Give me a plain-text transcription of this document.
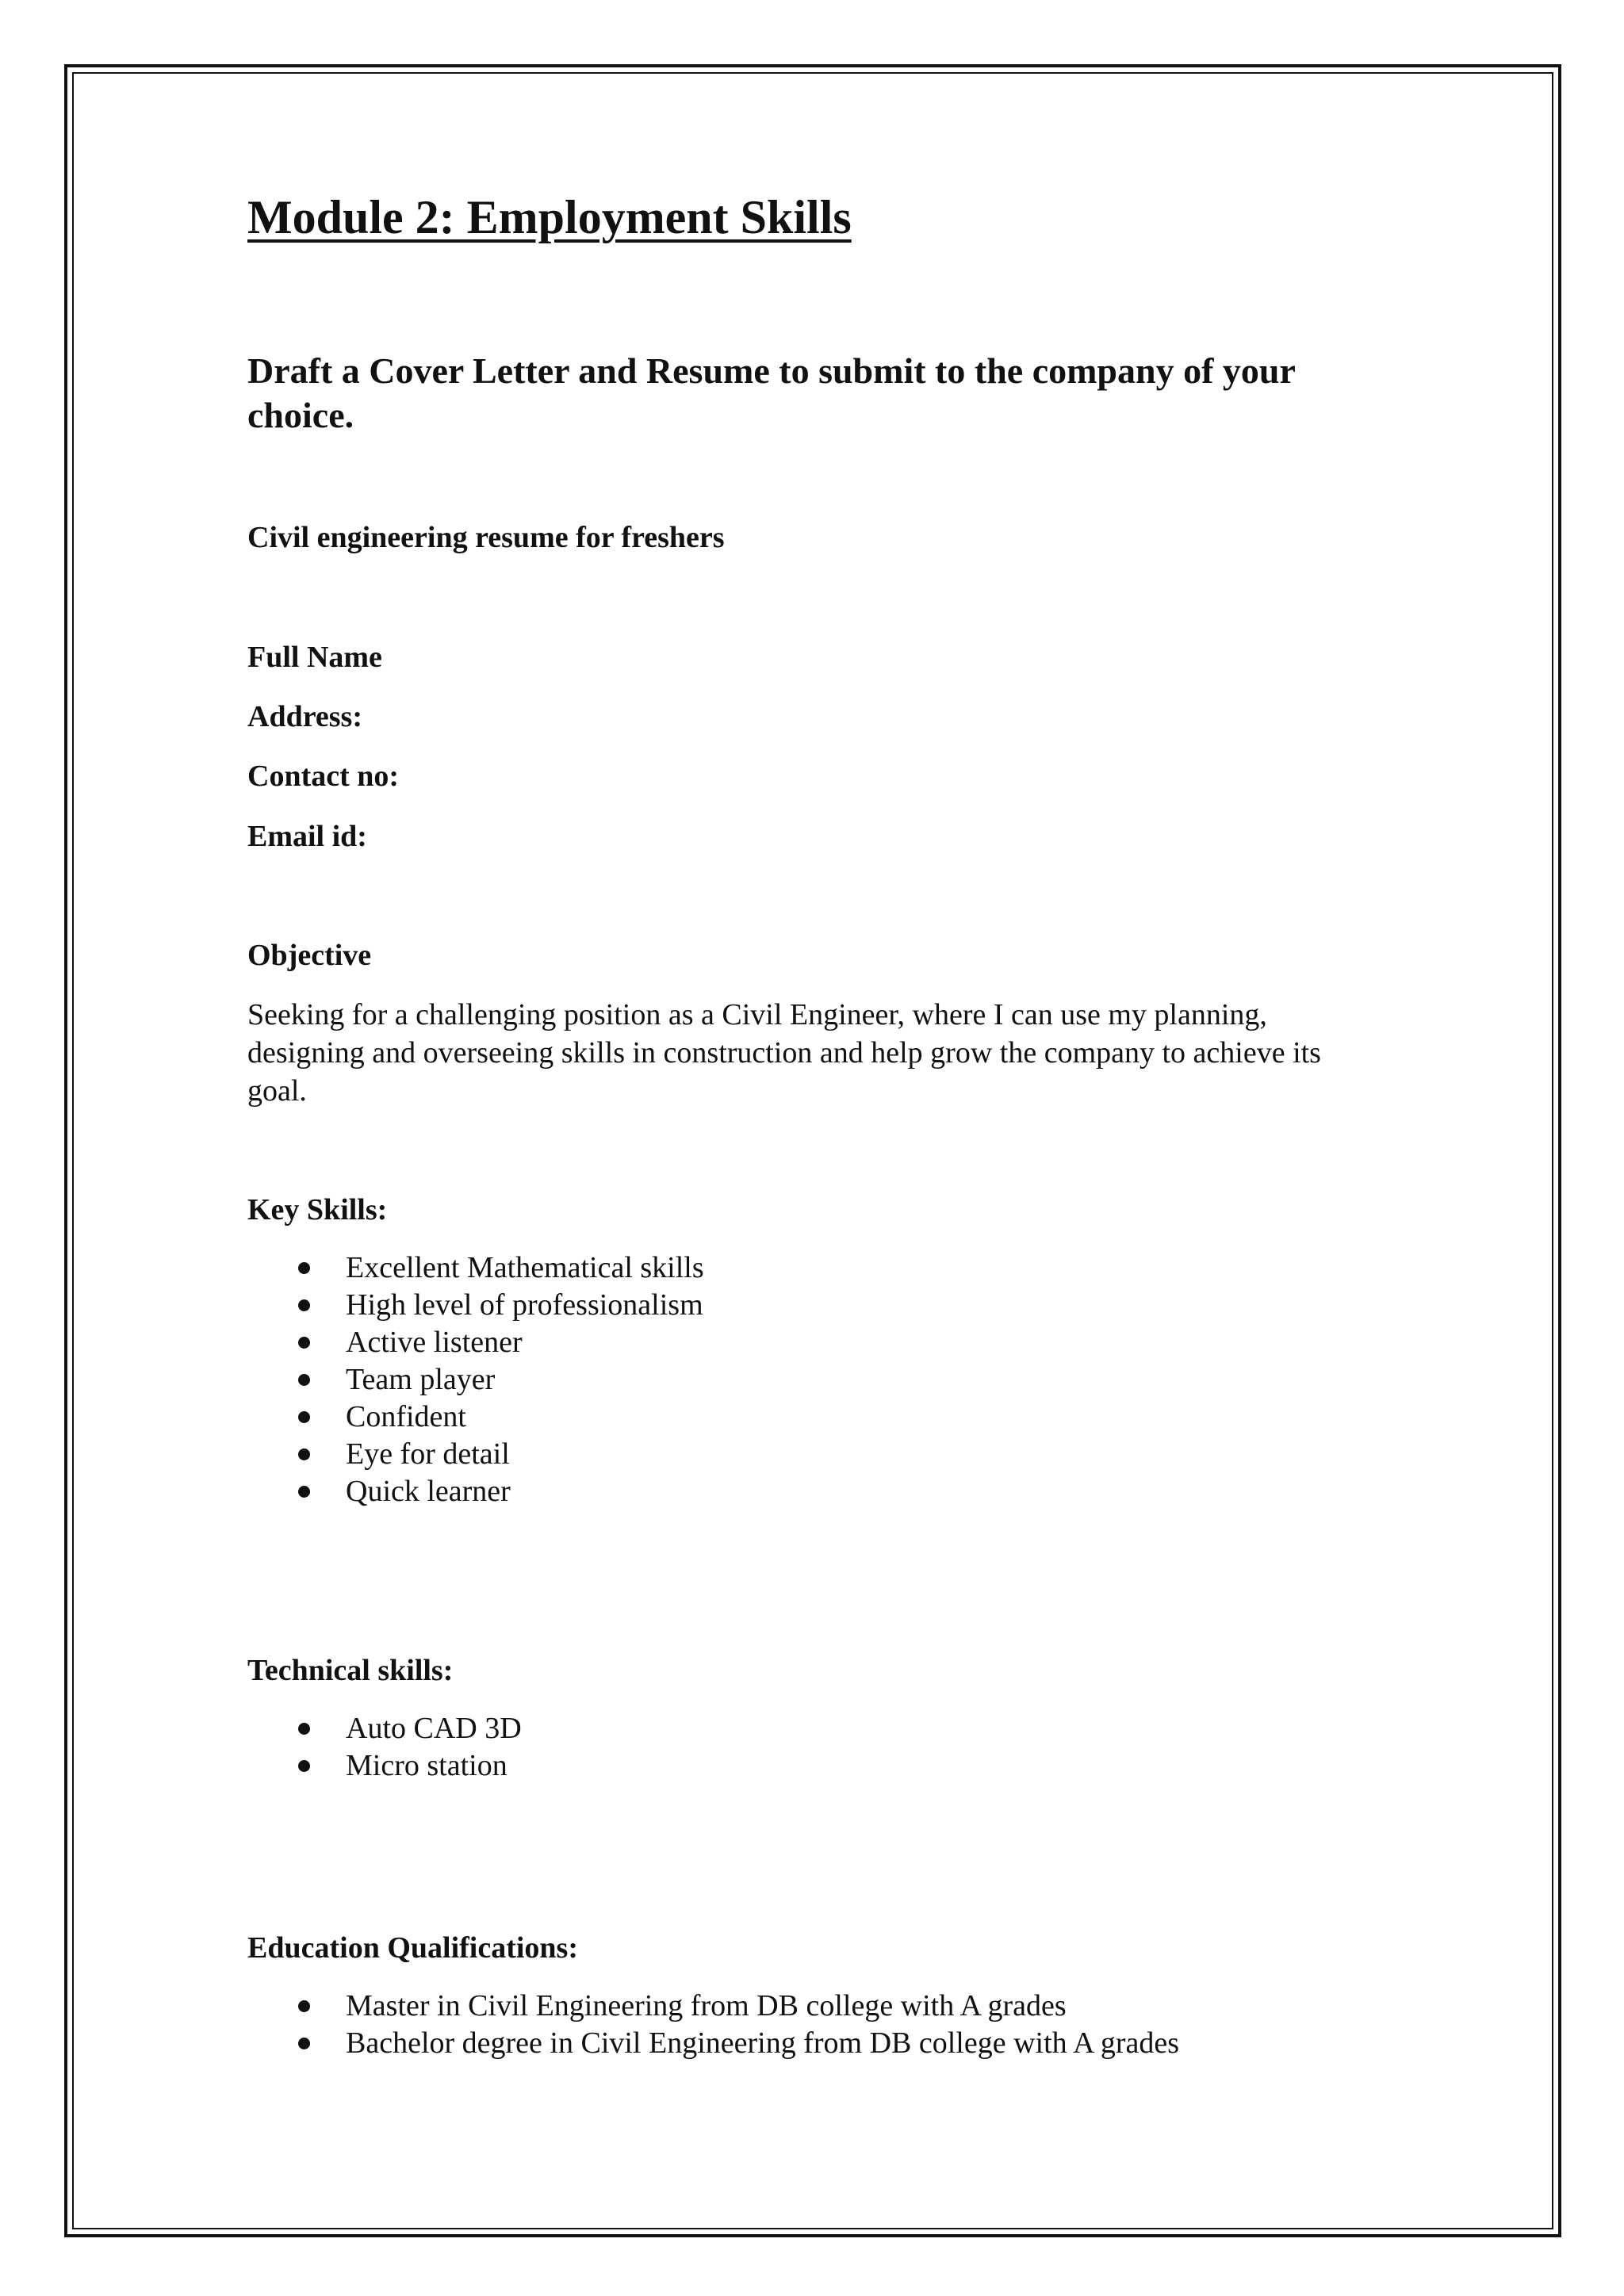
Module 2: Employment Skills

Draft a Cover Letter and Resume to submit to the company of your choice.

Civil engineering resume for freshers

Full Name

Address:

Contact no:

Email id:

Objective

Seeking for a challenging position as a Civil Engineer, where I can use my planning, designing and overseeing skills in construction and help grow the company to achieve its goal.

Key Skills:

Excellent Mathematical skills
High level of professionalism
Active listener
Team player
Confident
Eye for detail
Quick learner

Technical skills:

Auto CAD 3D
Micro station

Education Qualifications:

Master in Civil Engineering from DB college with A grades
Bachelor degree in Civil Engineering from DB college with A grades
